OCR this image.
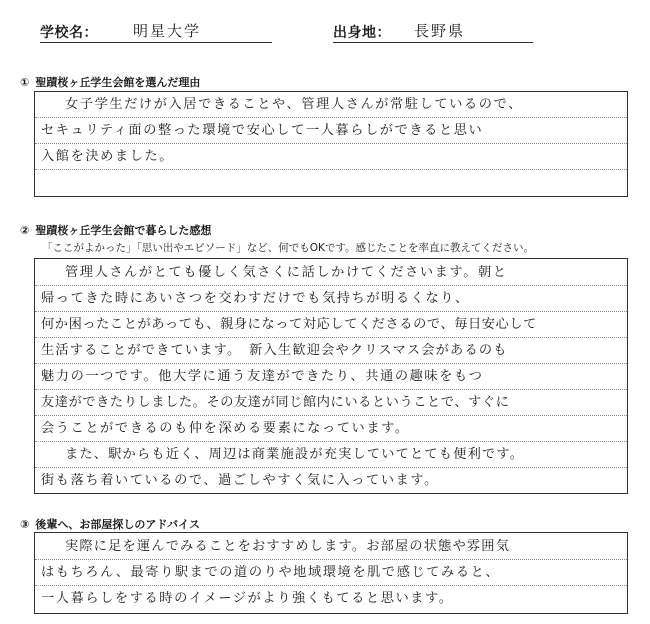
学校名： 明星大学	出身地： 長野県
① 聖蹟桜ヶ丘学生会館を選んだ理由
女子学生だけが入居できることや、管理人さんが常駐しているので、
セキュリティ面の整った環境で安心して一人暮らしができると思い
入館を決めました。
② 聖蹟桜ヶ丘学生会館で暮らした感想
「ここがよかった」「思い出やエピソード」など、何でもOKです。感じたことを率直に教えてください。
管理人さんがとても優しく気さくに話しかけてくださいます。朝と
帰ってきた時にあいさつを交わすだけでも気持ちが明るくなり、
何か困ったことがあっても、親身になって対応してくださるので、毎日安心して
生活することができています。　新入生歓迎会やクリスマス会があるのも
魅力の一つです。他大学に通う友達ができたり、共通の趣味をもつ
友達ができたりしました。その友達が同じ館内にいるということで、すぐに
会うことができるのも仲を深める要素になっています。
また、駅からも近く、周辺は商業施設が充実していてとても便利です。
街も落ち着いているので、過ごしやすく気に入っています。
③ 後輩へ、お部屋探しのアドバイス
実際に足を運んでみることをおすすめします。お部屋の状態や雰囲気
はもちろん、最寄り駅までの道のりや地域環境を肌で感じてみると、
一人暮らしをする時のイメージがより強くもてると思います。
